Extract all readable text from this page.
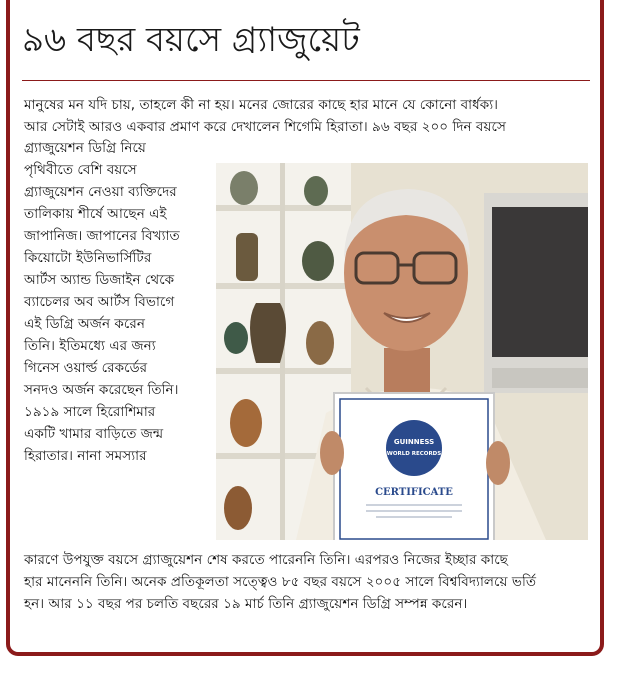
৯৬ বছর বয়সে গ্র্যাজুয়েট
মানুষের মন যদি চায়, তাহলে কী না হয়। মনের জোরের কাছে হার মানে যে কোনো বার্ধক্য।
আর সেটাই আরও একবার প্রমাণ করে দেখালেন শিগেমি হিরাতা। ৯৬ বছর ২০০ দিন বয়সে
গ্র্যাজুয়েশন ডিগ্রি নিয়ে
পৃথিবীতে বেশি বয়সে
গ্র্যাজুয়েশন নেওয়া ব্যক্তিদের
তালিকায় শীর্ষে আছেন এই
জাপানিজ। জাপানের বিখ্যাত
কিয়োটো ইউনিভার্সিটির
আর্টস অ্যান্ড ডিজাইন থেকে
ব্যাচেলর অব আর্টস বিভাগে
এই ডিগ্রি অর্জন করেন
তিনি। ইতিমধ্যে এর জন্য
গিনেস ওয়ার্ল্ড রেকর্ডের
সনদও অর্জন করেছেন তিনি।
১৯১৯ সালে হিরোশিমার
একটি খামার বাড়িতে জন্ম
হিরাতার। নানা সমস্যার
GUINNESS
WORLD RECORDS
CERTIFICATE
কারণে উপযুক্ত বয়সে গ্র্যাজুয়েশন শেষ করতে পারেননি তিনি। এরপরও নিজের ইচ্ছার কাছে
হার মানেননি তিনি। অনেক প্রতিকূলতা সত্ত্বেও ৮৫ বছর বয়সে ২০০৫ সালে বিশ্ববিদ্যালয়ে ভর্তি
হন। আর ১১ বছর পর চলতি বছরের ১৯ মার্চ তিনি গ্র্যাজুয়েশন ডিগ্রি সম্পন্ন করেন।
